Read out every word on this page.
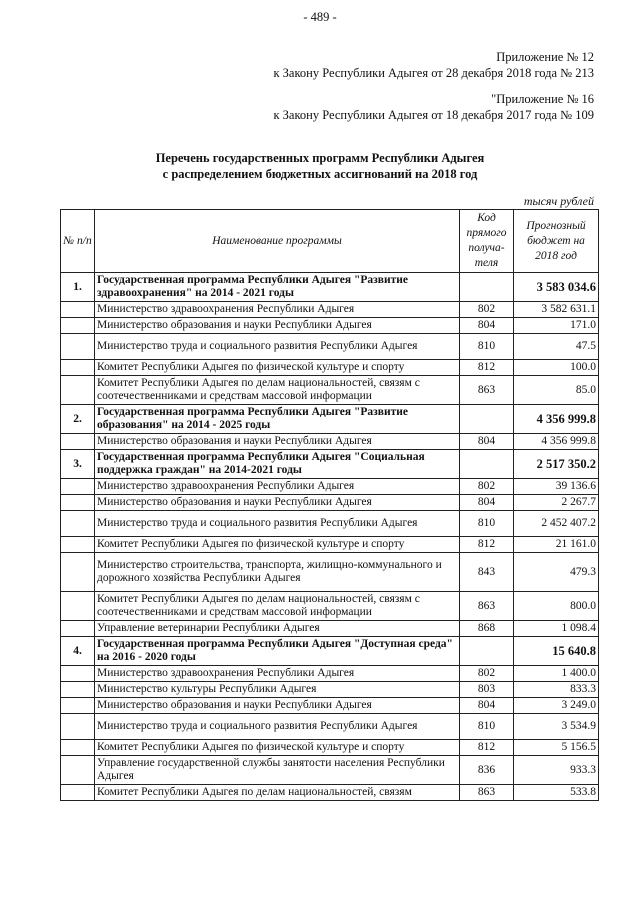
- 489 -
Приложение № 12
к Закону Республики Адыгея от 28 декабря 2018 года № 213
"Приложение № 16
к Закону Республики Адыгея от 18 декабря 2017 года № 109
Перечень государственных программ Республики Адыгея
с распределением бюджетных ассигнований на 2018 год
тысяч рублей
№ п/п	Наименование программы	Код прямого получа-теля	Прогнозный бюджет на 2018 год
1.	Государственная программа Республики Адыгея "Развитие здравоохранения" на 2014 - 2021 годы		3 583 034.6
	Министерство здравоохранения Республики Адыгея	802	3 582 631.1
	Министерство образования и науки Республики Адыгея	804	171.0
	Министерство труда и социального развития Республики Адыгея	810	47.5
	Комитет Республики Адыгея по физической культуре и спорту	812	100.0
	Комитет Республики Адыгея по делам национальностей, связям с соотечественниками и средствам массовой информации	863	85.0
2.	Государственная программа Республики Адыгея "Развитие образования" на 2014 - 2025 годы		4 356 999.8
	Министерство образования и науки Республики Адыгея	804	4 356 999.8
3.	Государственная программа Республики Адыгея "Социальная поддержка граждан" на 2014-2021 годы		2 517 350.2
	Министерство здравоохранения Республики Адыгея	802	39 136.6
	Министерство образования и науки Республики Адыгея	804	2 267.7
	Министерство труда и социального развития Республики Адыгея	810	2 452 407.2
	Комитет Республики Адыгея по физической культуре и спорту	812	21 161.0
	Министерство строительства, транспорта, жилищно-коммунального и дорожного хозяйства Республики Адыгея	843	479.3
	Комитет Республики Адыгея по делам национальностей, связям с соотечественниками и средствам массовой информации	863	800.0
	Управление ветеринарии Республики Адыгея	868	1 098.4
4.	Государственная программа Республики Адыгея "Доступная среда" на 2016 - 2020 годы		15 640.8
	Министерство здравоохранения Республики Адыгея	802	1 400.0
	Министерство культуры Республики Адыгея	803	833.3
	Министерство образования и науки Республики Адыгея	804	3 249.0
	Министерство труда и социального развития Республики Адыгея	810	3 534.9
	Комитет Республики Адыгея по физической культуре и спорту	812	5 156.5
	Управление государственной службы занятости населения Республики Адыгея	836	933.3
	Комитет Республики Адыгея по делам национальностей, связям	863	533.8
